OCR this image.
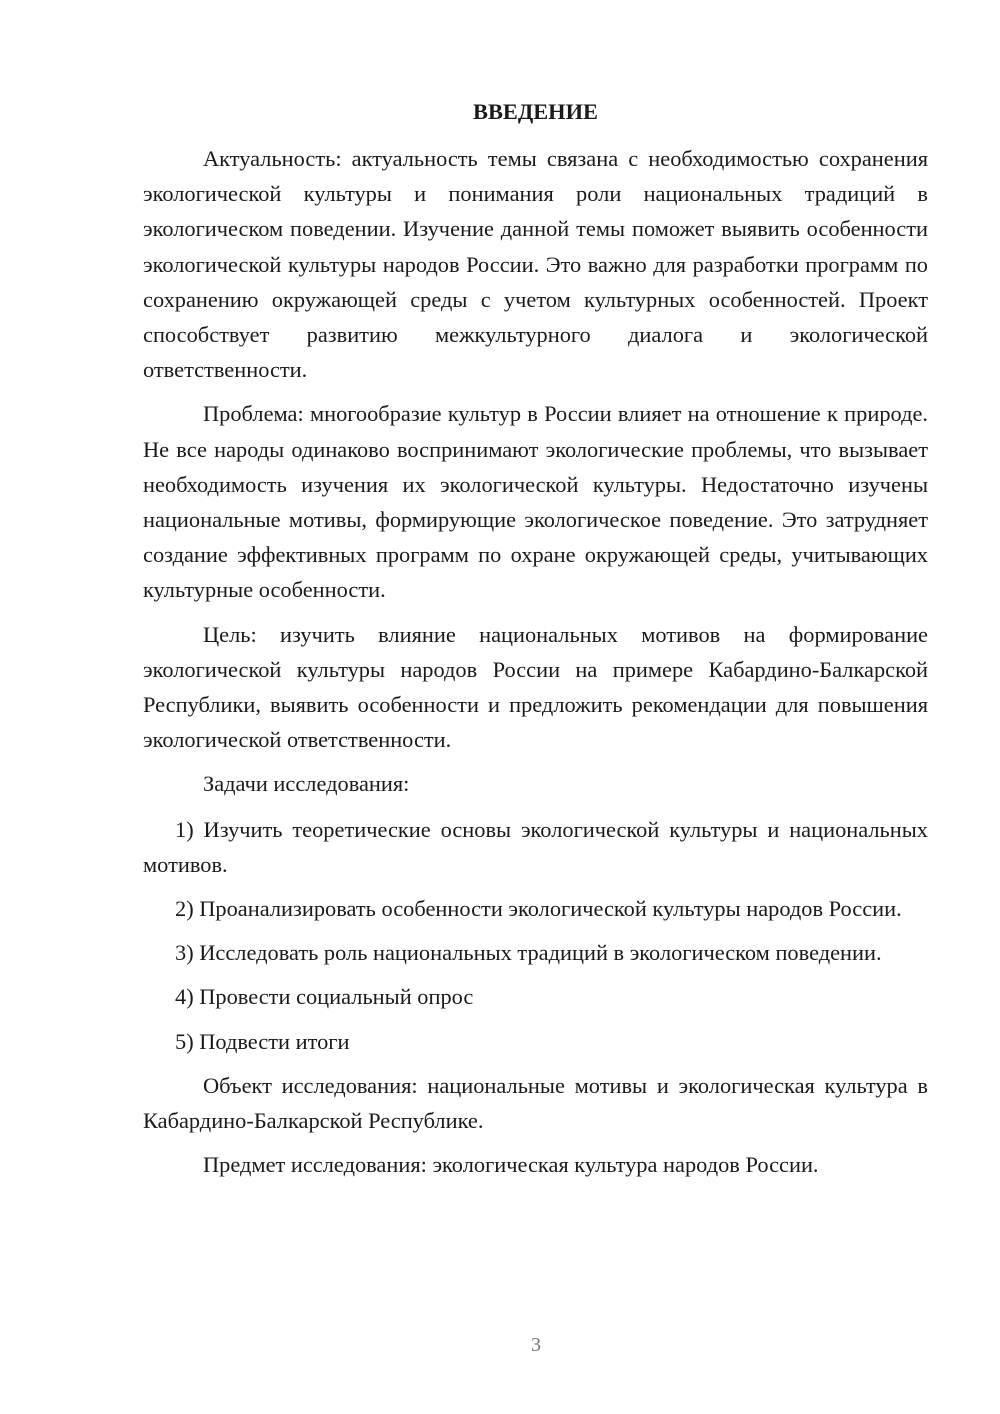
ВВЕДЕНИЕ

Актуальность: актуальность темы связана с необходимостью сохранения экологической культуры и понимания роли национальных традиций в экологическом поведении. Изучение данной темы поможет выявить особенности экологической культуры народов России. Это важно для разработки программ по сохранению окружающей среды с учетом культурных особенностей. Проект способствует развитию межкультурного диалога и экологической ответственности.

Проблема: многообразие культур в России влияет на отношение к природе. Не все народы одинаково воспринимают экологические проблемы, что вызывает необходимость изучения их экологической культуры. Недостаточно изучены национальные мотивы, формирующие экологическое поведение. Это затрудняет создание эффективных программ по охране окружающей среды, учитывающих культурные особенности.

Цель: изучить влияние национальных мотивов на формирование экологической культуры народов России на примере Кабардино-Балкарской Республики, выявить особенности и предложить рекомендации для повышения экологической ответственности.

Задачи исследования:

1) Изучить теоретические основы экологической культуры и национальных мотивов.

2) Проанализировать особенности экологической культуры народов России.

3) Исследовать роль национальных традиций в экологическом поведении.

4) Провести социальный опрос

5) Подвести итоги

Объект исследования: национальные мотивы и экологическая культура в Кабардино-Балкарской Республике.

Предмет исследования: экологическая культура народов России.

3
